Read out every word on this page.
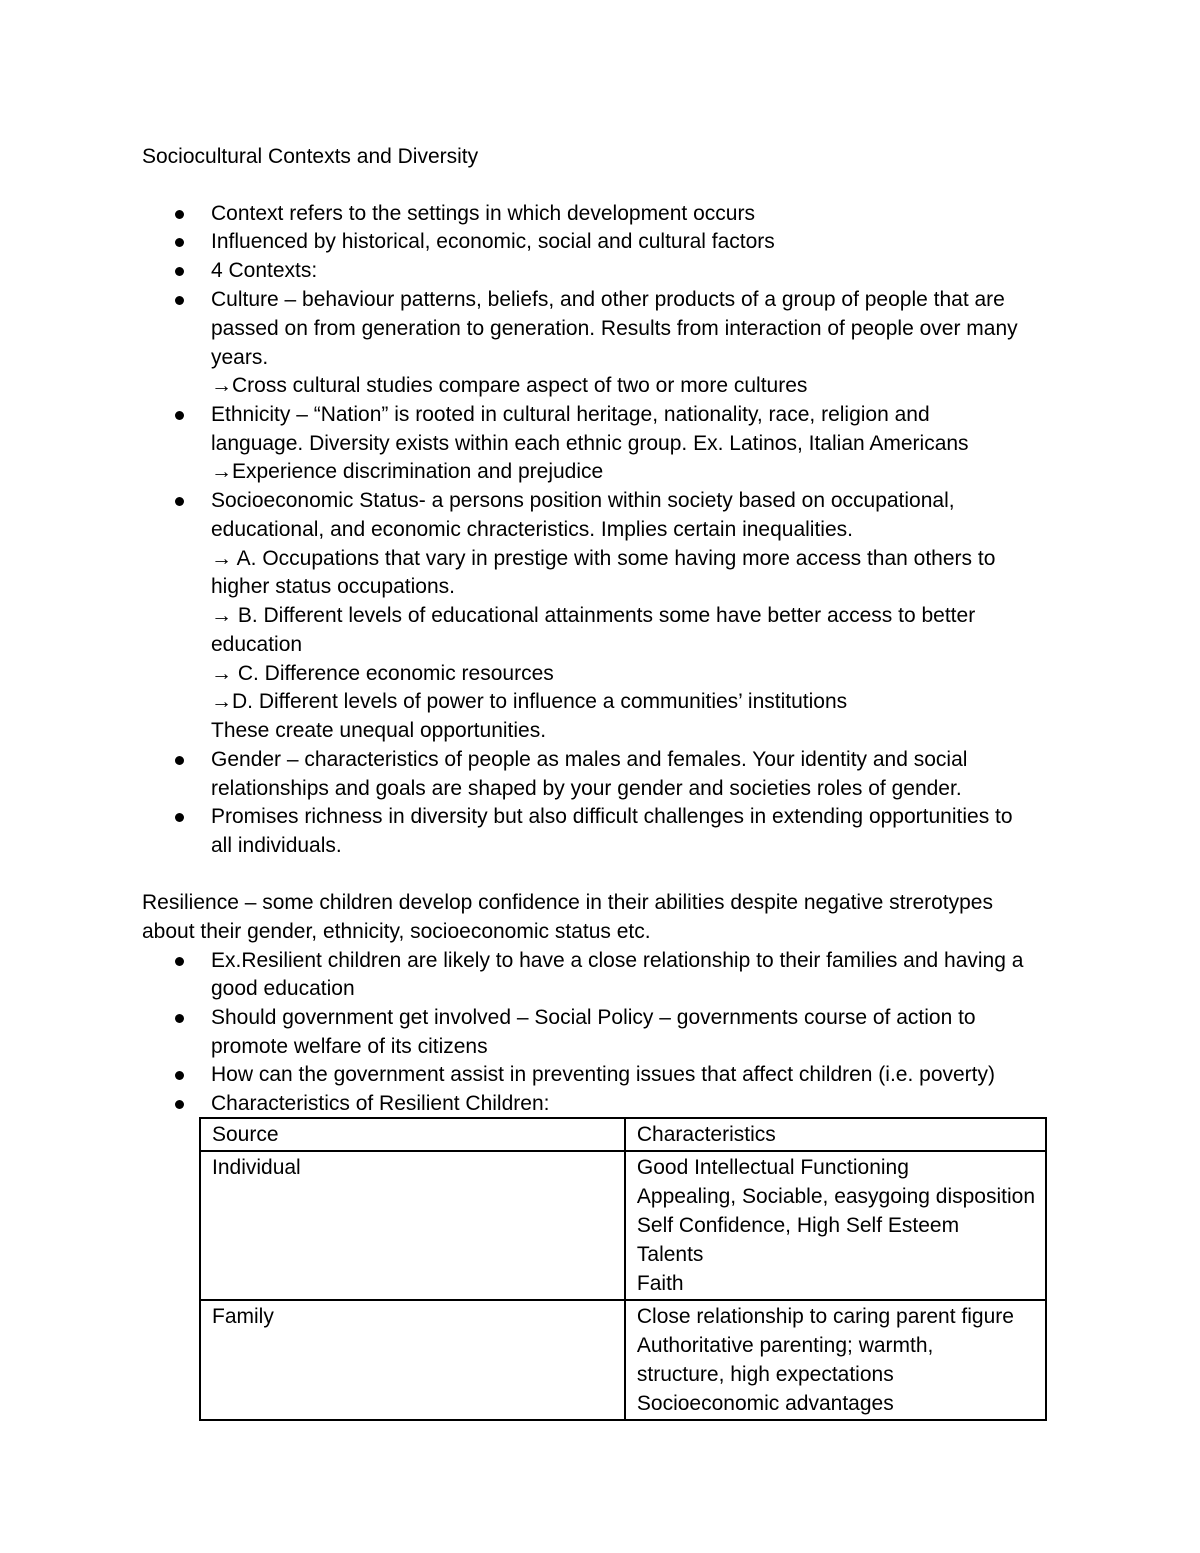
Sociocultural Contexts and Diversity
Context refers to the settings in which development occurs
Influenced by historical, economic, social and cultural factors
4 Contexts:
Culture – behaviour patterns, beliefs, and other products of a group of people that are
passed on from generation to generation. Results from interaction of people over many
years.
→Cross cultural studies compare aspect of two or more cultures
Ethnicity – “Nation” is rooted in cultural heritage, nationality, race, religion and
language. Diversity exists within each ethnic group. Ex. Latinos, Italian Americans
→Experience discrimination and prejudice
Socioeconomic Status- a persons position within society based on occupational,
educational, and economic chracteristics. Implies certain inequalities.
→ A. Occupations that vary in prestige with some having more access than others to
higher status occupations.
→ B. Different levels of educational attainments some have better access to better
education
→ C. Difference economic resources
→D. Different levels of power to influence a communities’ institutions
These create unequal opportunities.
Gender – characteristics of people as males and females. Your identity and social
relationships and goals are shaped by your gender and societies roles of gender.
Promises richness in diversity but also difficult challenges in extending opportunities to
all individuals.
Resilience – some children develop confidence in their abilities despite negative strerotypes
about their gender, ethnicity, socioeconomic status etc.
Ex.Resilient children are likely to have a close relationship to their families and having a
good education
Should government get involved – Social Policy – governments course of action to
promote welfare of its citizens
How can the government assist in preventing issues that affect children (i.e. poverty)
Characteristics of Resilient Children:
Source	Characteristics
Individual	Good Intellectual Functioning
Appealing, Sociable, easygoing disposition
Self Confidence, High Self Esteem
Talents
Faith

Family	Close relationship to caring parent figure
Authoritative parenting; warmth,
structure, high expectations
Socioeconomic advantages
